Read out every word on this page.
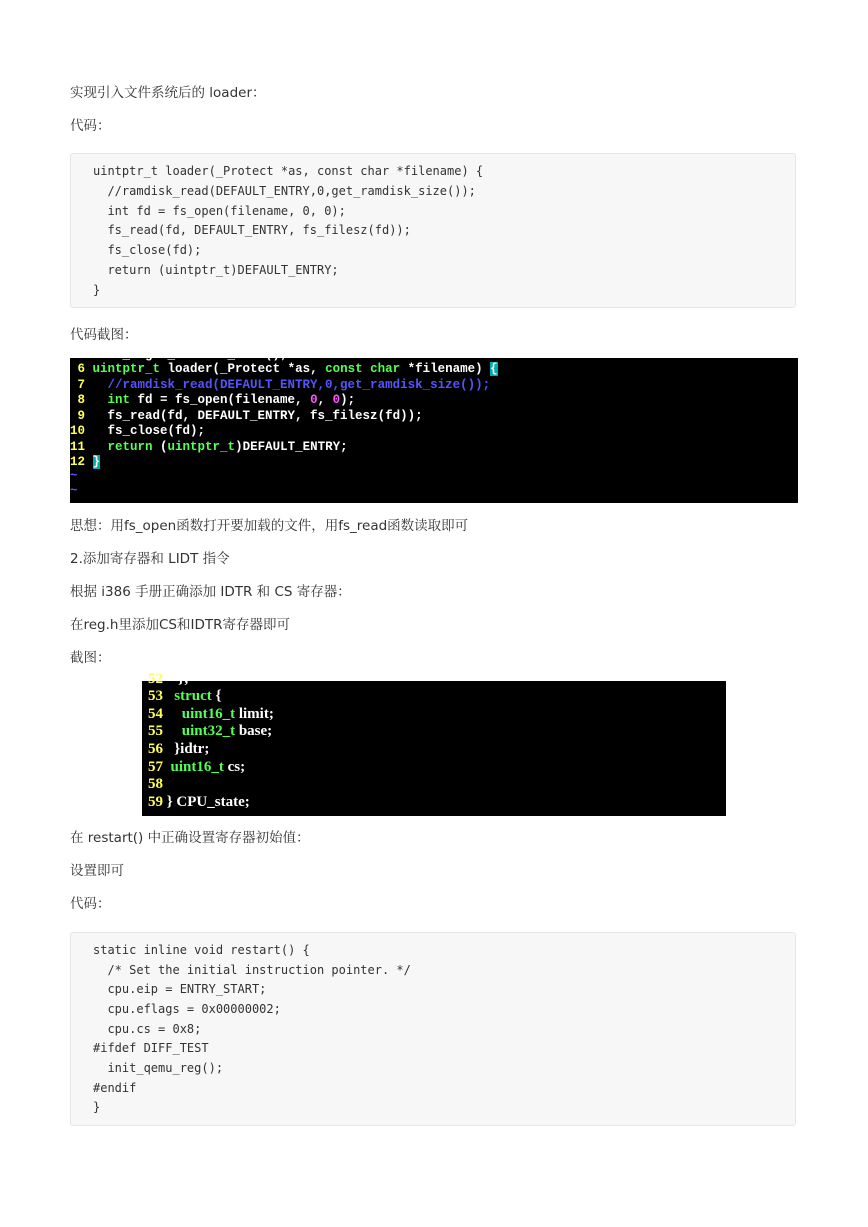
实现引入文件系统后的 loader：
代码：
uintptr_t loader(_Protect *as, const char *filename) {
//ramdisk_read(DEFAULT_ENTRY,0,get_ramdisk_size());
int fd = fs_open(filename, 0, 0);
fs_read(fd, DEFAULT_ENTRY, fs_filesz(fd));
fs_close(fd);
return (uintptr_t)DEFAULT_ENTRY;
}
代码截图：

5  size_t get_ramdisk_size();

6 uintptr_t loader(_Protect *as, const char *filename) {

7   //ramdisk_read(DEFAULT_ENTRY,0,get_ramdisk_size());

8   int fd = fs_open(filename, 0, 0);

9   fs_read(fd, DEFAULT_ENTRY, fs_filesz(fd));

10   fs_close(fd);

11   return (uintptr_t)DEFAULT_ENTRY;

12 }

~

~

思想：用fs_open函数打开要加载的文件，用fs_read函数读取即可
2.添加寄存器和 LIDT 指令
根据 i386 手册正确添加 IDTR 和 CS 寄存器：
在reg.h里添加CS和IDTR寄存器即可
截图：

52    };

53   struct {

54     uint16_t limit;

55     uint32_t base;

56   }idtr;

57  uint16_t cs;

58

59 } CPU_state;

在 restart() 中正确设置寄存器初始值：
设置即可
代码：
static inline void restart() {
/* Set the initial instruction pointer. */
cpu.eip = ENTRY_START;
cpu.eflags = 0x00000002;
cpu.cs = 0x8;
#ifdef DIFF_TEST
init_qemu_reg();
#endif
}
